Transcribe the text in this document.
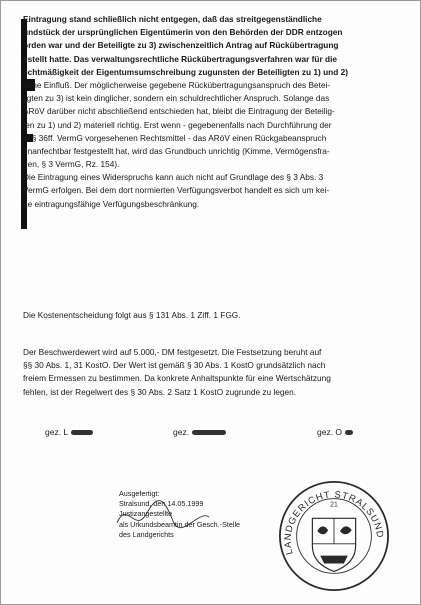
Eintragung stand schließlich nicht entgegen, daß das streitgegenständliche
undstück der ursprünglichen Eigentümerin von den Behörden der DDR entzogen
orden war und der Beteiligte zu 3) zwischenzeitlich Antrag auf Rückübertragung
estellt hatte. Das verwaltungsrechtliche Rückübertragungsverfahren war für die
echtmäßigkeit der Eigentumsumschreibung zugunsten der Beteiligten zu 1) und 2)
ohne Einfluß. Der möglicherweise gegebene Rückübertragungsanspruch des Betei-
ligten zu 3) ist kein dinglicher, sondern ein schuldrechtlicher Anspruch. Solange das
ARöV darüber nicht abschließend entschieden hat, bleibt die Eintragung der Beteilig-
ten zu 1) und 2) materiell richtig. Erst wenn - gegebenenfalls nach Durchführung der
in § 36ff. VermG vorgesehenen Rechtsmittel - das ARöV einen Rückgabeanspruch
unanfechtbar festgestellt hat, wird das Grundbuch unrichtig (Kimme, Vermögensfra-
gen, § 3 VermG, Rz. 154).
Die Eintragung eines Widerspruchs kann auch nicht auf Grundlage des § 3 Abs. 3
VermG erfolgen. Bei dem dort normierten Verfügungsverbot handelt es sich um kei-
ne eintragungsfähige Verfügungsbeschränkung.
Die Kostenentscheidung folgt aus § 131 Abs. 1 Ziff. 1 FGG.
Der Beschwerdewert wird auf 5.000,- DM festgesetzt. Die Festsetzung beruht auf
§§ 30 Abs. 1, 31 KostO. Der Wert ist gemäß § 30 Abs. 1 KostO grundsätzlich nach
freiem Ermessen zu bestimmen. Da konkrete Anhaltspunkte für eine Wertschätzung
fehlen, ist der Regelwert des § 30 Abs. 2 Satz 1 KostO zugrunde zu legen.
gez. L	gez.	gez. O
Ausgefertigt:
Stralsund, den 14.05.1999
Justizangestellte
als Urkundsbeamtin der Gesch.-Stelle
des Landgerichts
LANDGERICHT STRALSUND
21
